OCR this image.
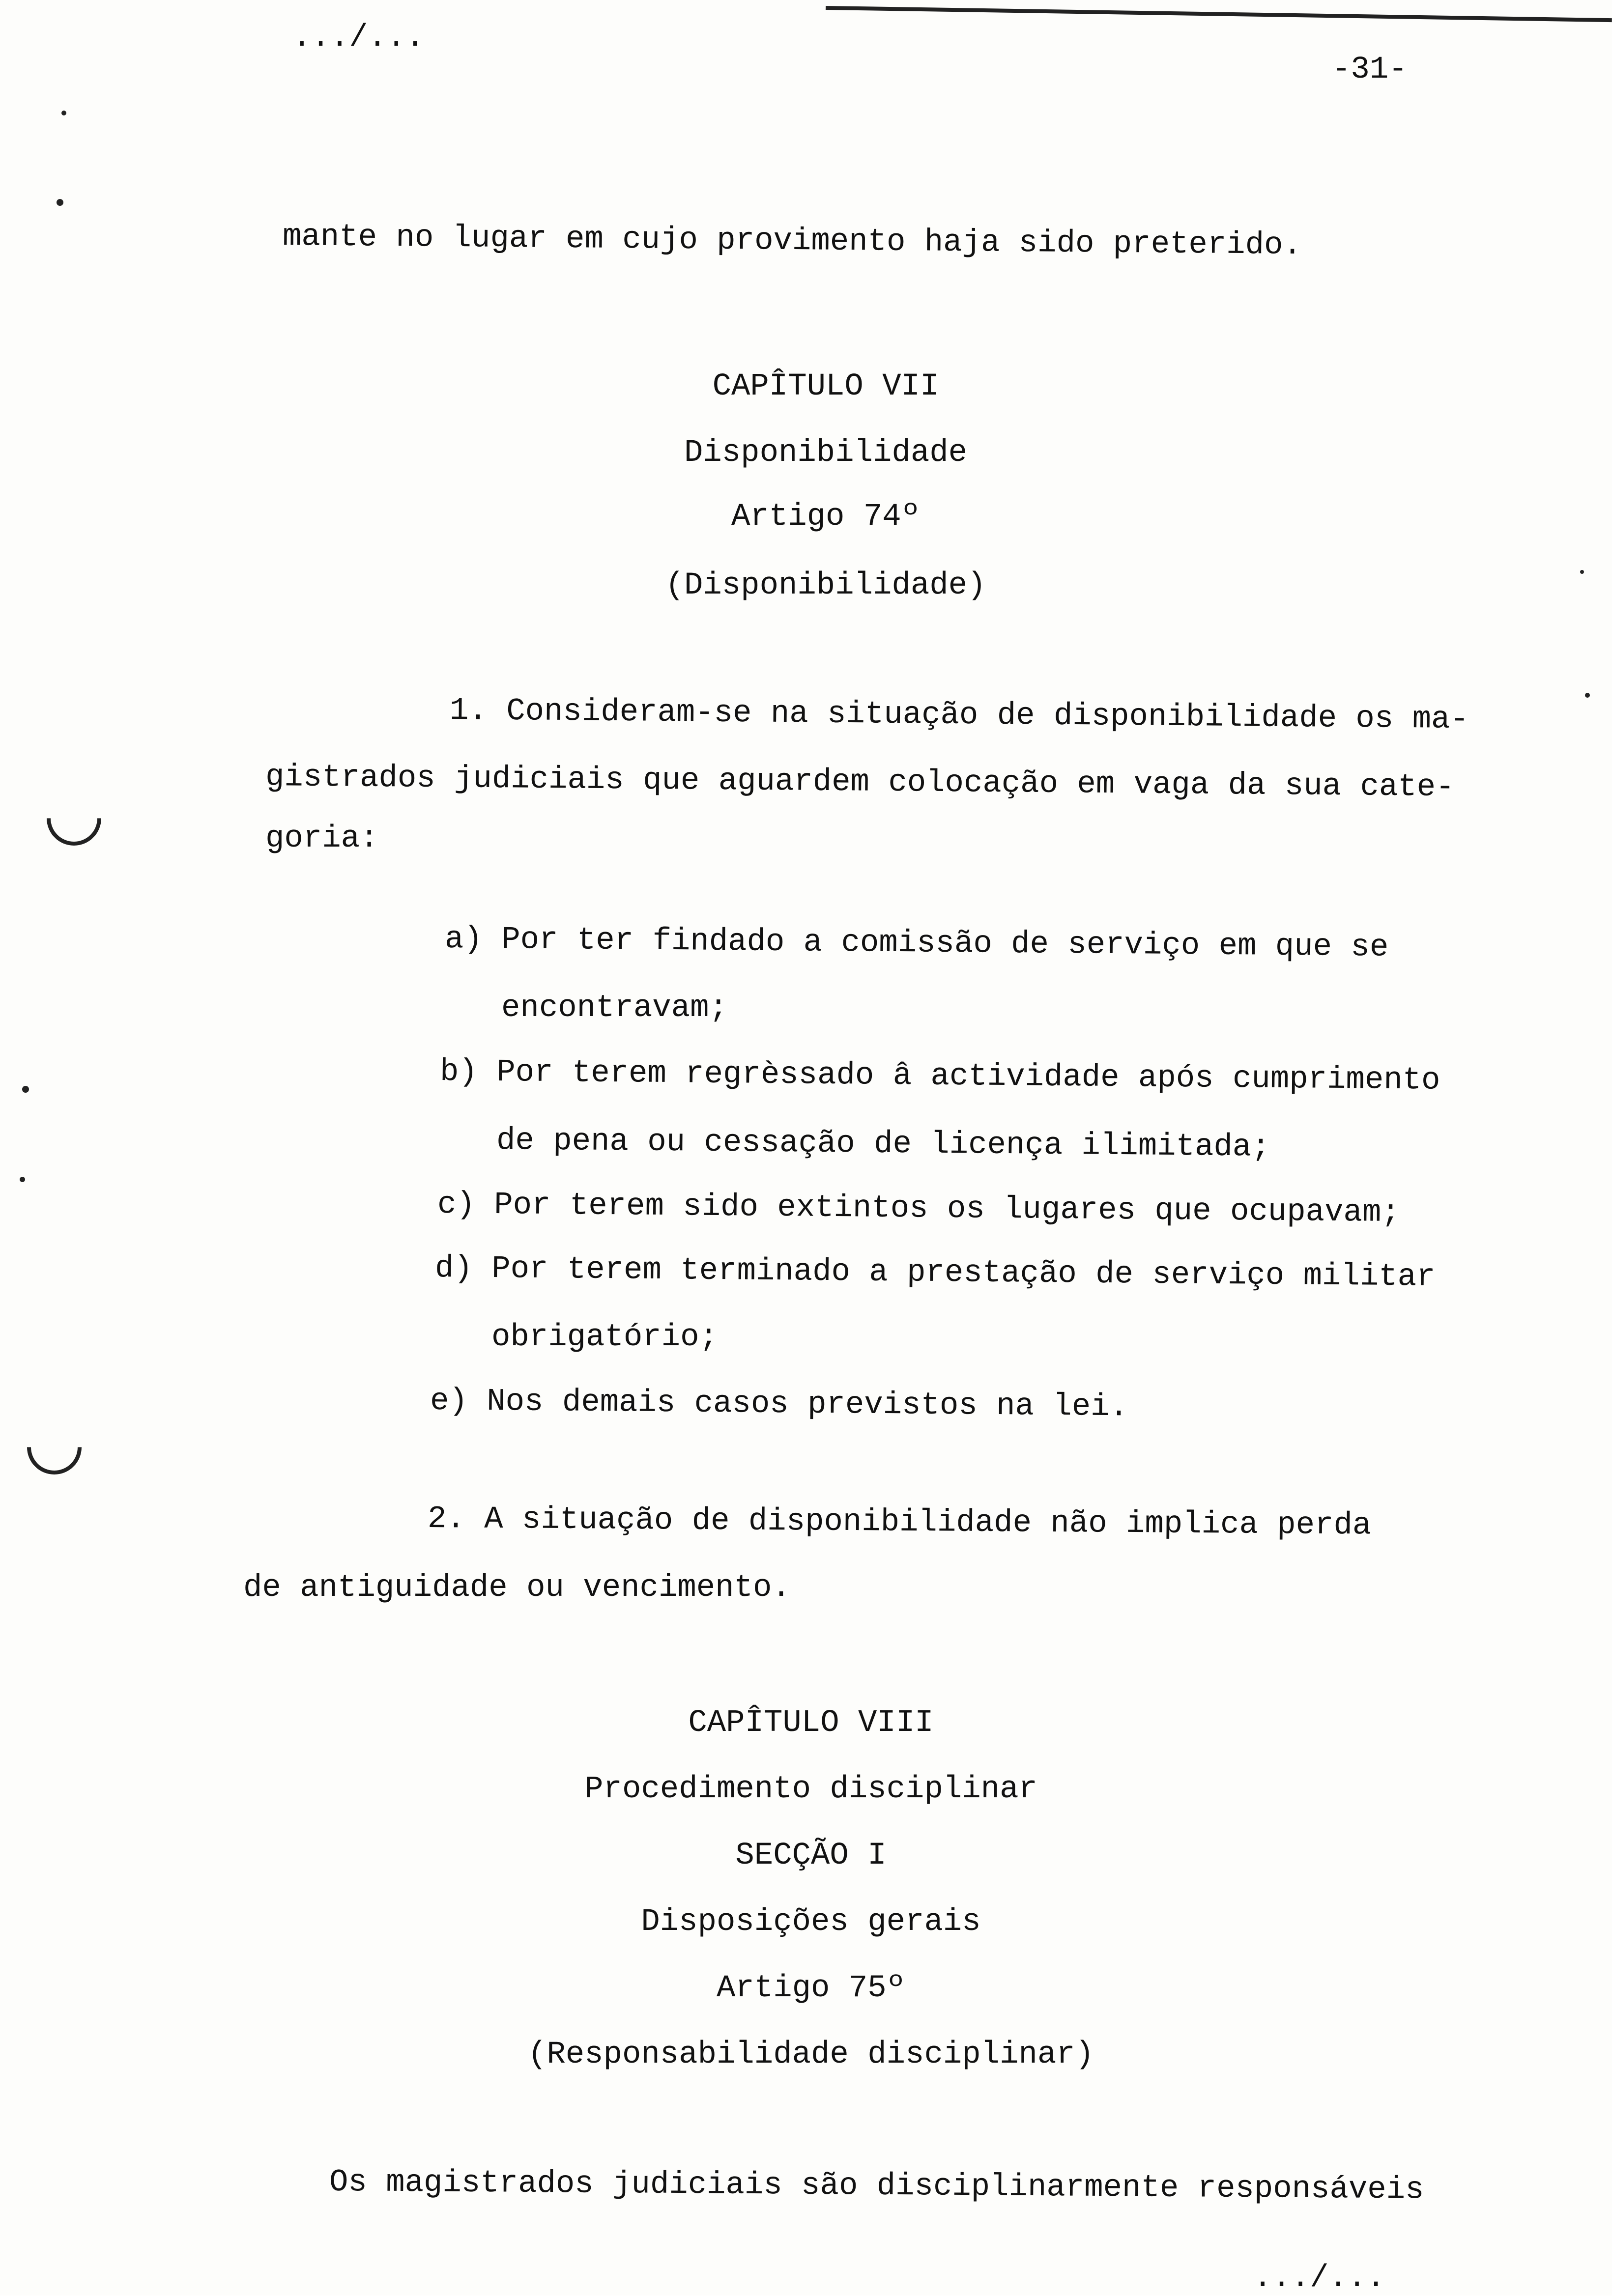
.../...
-31-
mante no lugar em cujo provimento haja sido preterido.
CAPÎTULO VII
Disponibilidade
Artigo 74º
(Disponibilidade)
1. Consideram-se na situação de disponibilidade os ma-
gistrados judiciais que aguardem colocação em vaga da sua cate-
goria:
a) Por ter findado a comissão de serviço em que se
encontravam;
b) Por terem regrèssado â actividade após cumprimento
de pena ou cessação de licença ilimitada;
c) Por terem sido extintos os lugares que ocupavam;
d) Por terem terminado a prestação de serviço militar
obrigatório;
e) Nos demais casos previstos na lei.
2. A situação de disponibilidade não implica perda
de antiguidade ou vencimento.
CAPÎTULO VIII
Procedimento disciplinar
SECÇÃO I
Disposições gerais
Artigo 75º
(Responsabilidade disciplinar)
Os magistrados judiciais são disciplinarmente responsáveis
.../...
